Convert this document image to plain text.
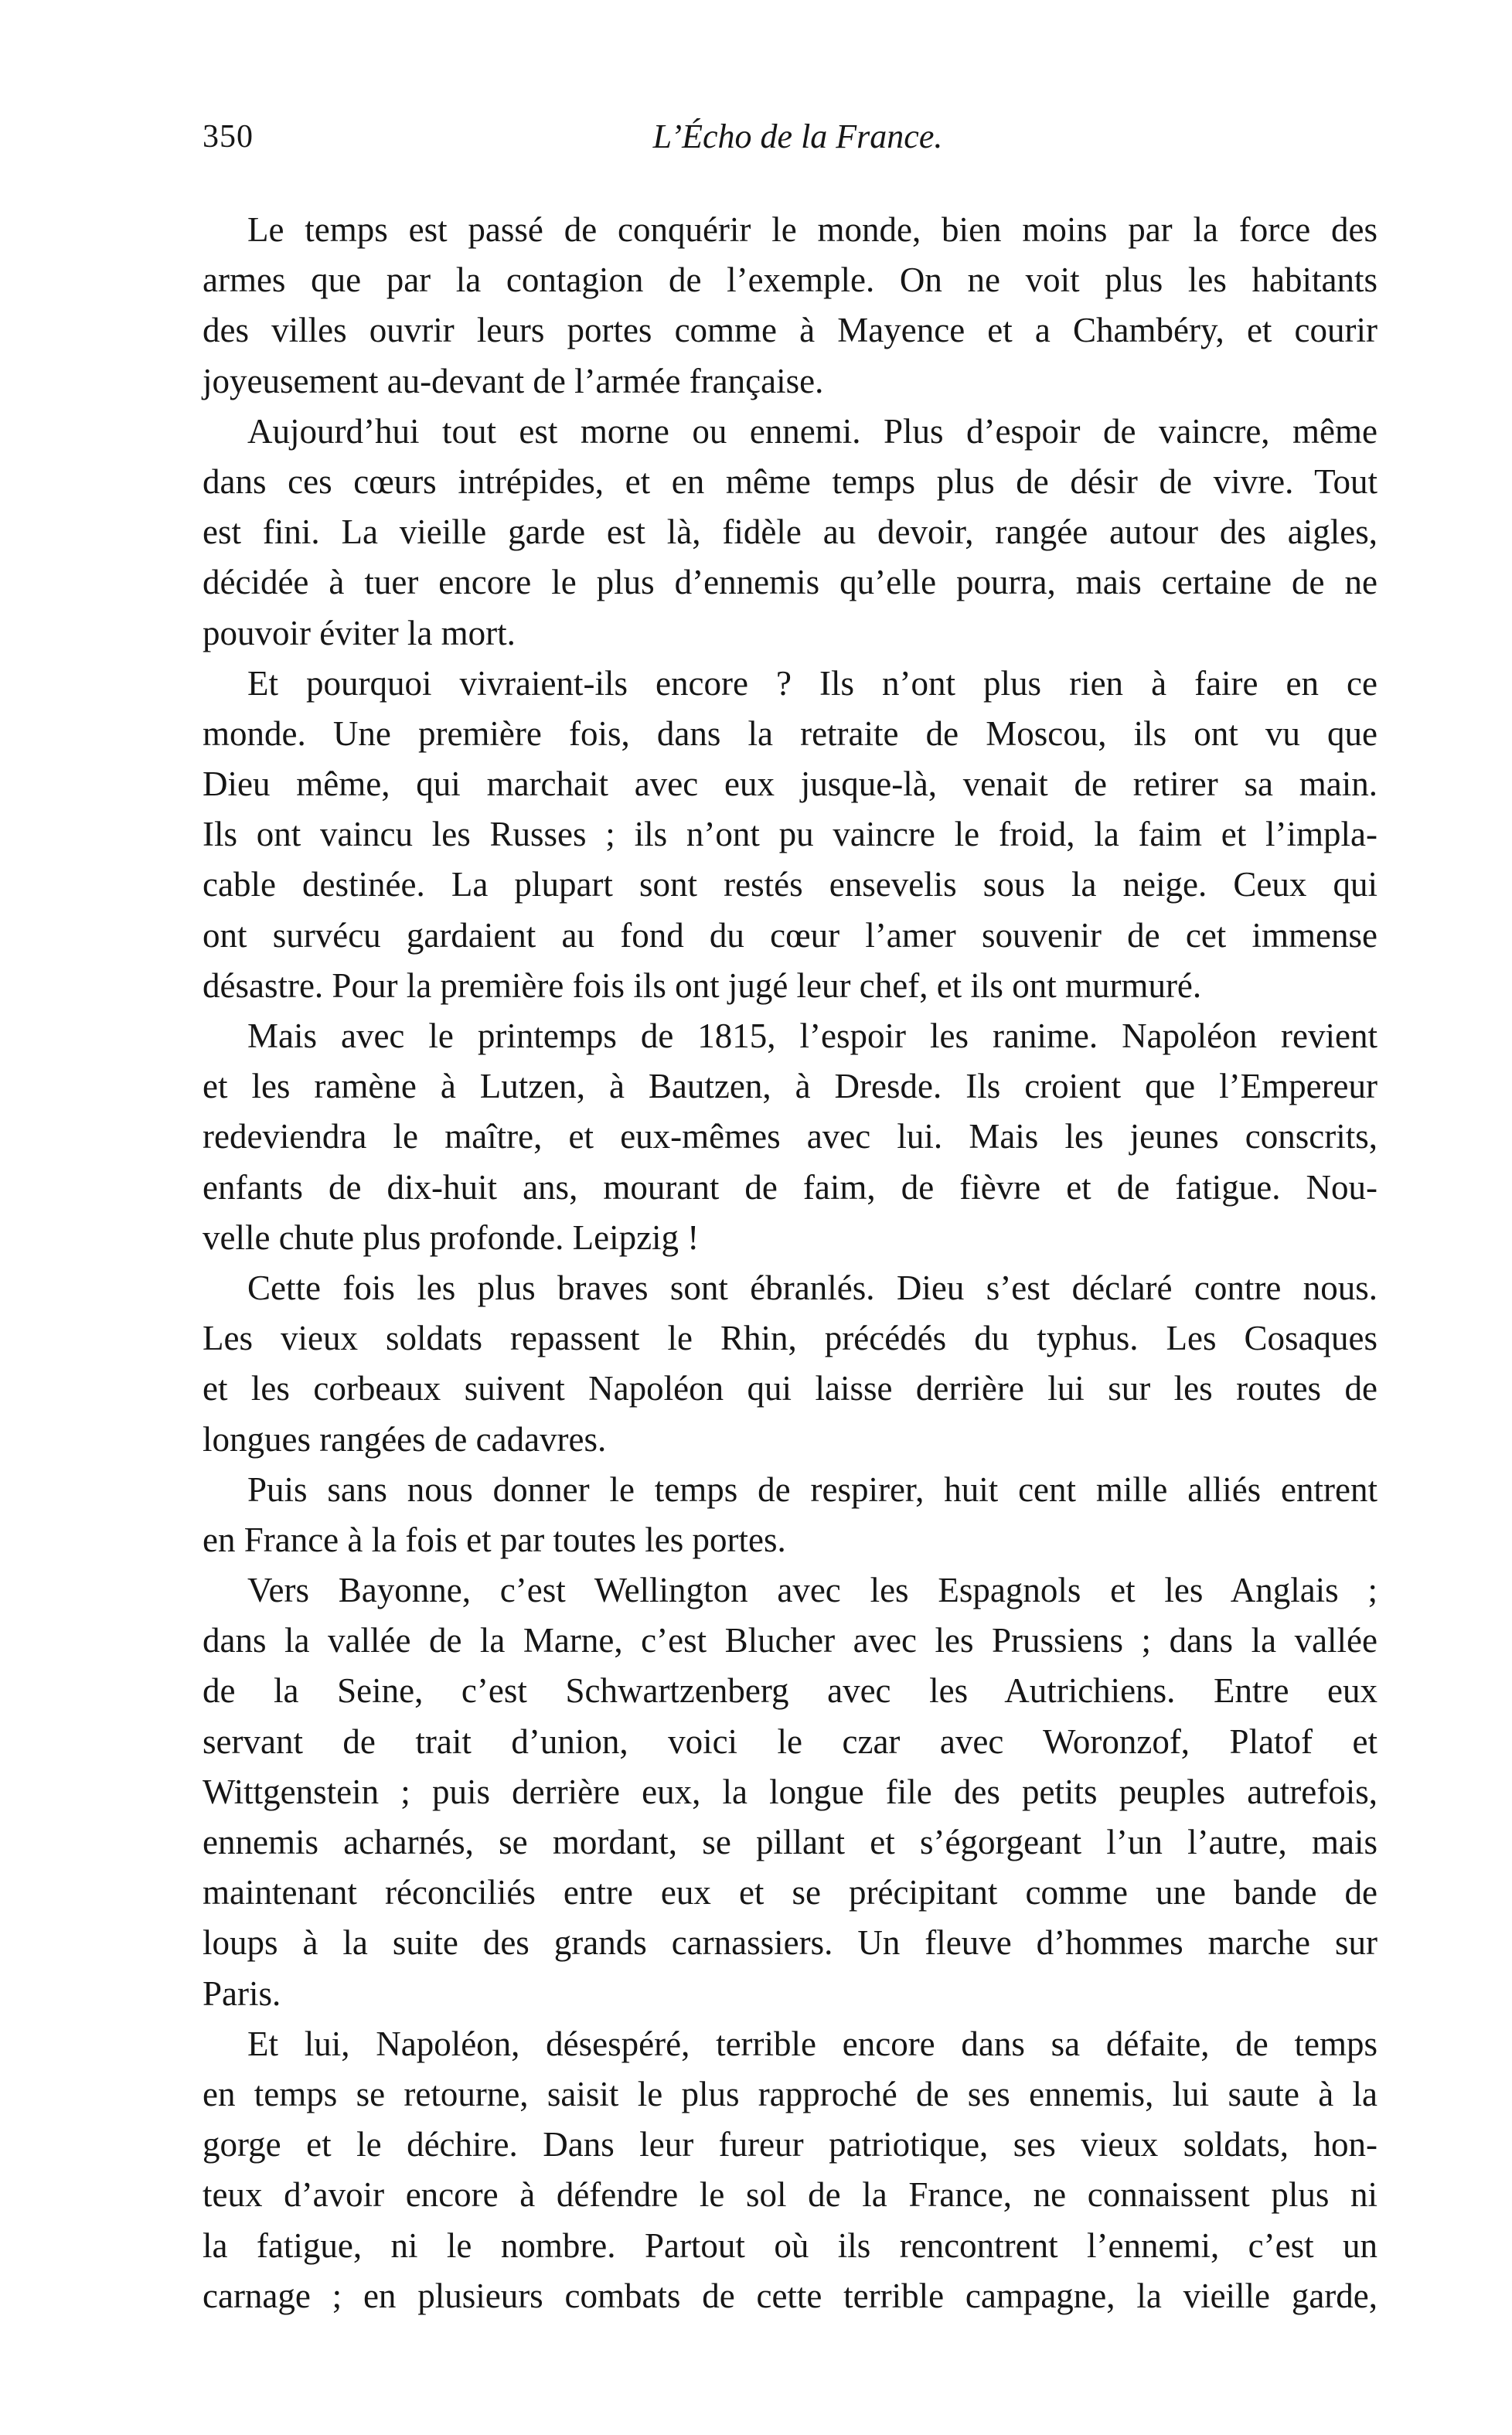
350	L’Écho de la France.
Le temps est passé de conquérir le monde, bien moins par la force des
armes que par la contagion de l’exemple. On ne voit plus les habitants
des villes ouvrir leurs portes comme à Mayence et a Chambéry, et courir
joyeusement au-devant de l’armée française.
Aujourd’hui tout est morne ou ennemi. Plus d’espoir de vaincre, même
dans ces cœurs intrépides, et en même temps plus de désir de vivre. Tout
est fini. La vieille garde est là, fidèle au devoir, rangée autour des aigles,
décidée à tuer encore le plus d’ennemis qu’elle pourra, mais certaine de ne
pouvoir éviter la mort.
Et pourquoi vivraient-ils encore ? Ils n’ont plus rien à faire en ce
monde. Une première fois, dans la retraite de Moscou, ils ont vu que
Dieu même, qui marchait avec eux jusque-là, venait de retirer sa main.
Ils ont vaincu les Russes ; ils n’ont pu vaincre le froid, la faim et l’impla-
cable destinée. La plupart sont restés ensevelis sous la neige. Ceux qui
ont survécu gardaient au fond du cœur l’amer souvenir de cet immense
désastre. Pour la première fois ils ont jugé leur chef, et ils ont murmuré.
Mais avec le printemps de 1815, l’espoir les ranime. Napoléon revient
et les ramène à Lutzen, à Bautzen, à Dresde. Ils croient que l’Empereur
redeviendra le maître, et eux-mêmes avec lui. Mais les jeunes conscrits,
enfants de dix-huit ans, mourant de faim, de fièvre et de fatigue. Nou-
velle chute plus profonde. Leipzig !
Cette fois les plus braves sont ébranlés. Dieu s’est déclaré contre nous.
Les vieux soldats repassent le Rhin, précédés du typhus. Les Cosaques
et les corbeaux suivent Napoléon qui laisse derrière lui sur les routes de
longues rangées de cadavres.
Puis sans nous donner le temps de respirer, huit cent mille alliés entrent
en France à la fois et par toutes les portes.
Vers Bayonne, c’est Wellington avec les Espagnols et les Anglais ;
dans la vallée de la Marne, c’est Blucher avec les Prussiens ; dans la vallée
de la Seine, c’est Schwartzenberg avec les Autrichiens. Entre eux
servant de trait d’union, voici le czar avec Woronzof, Platof et
Wittgenstein ; puis derrière eux, la longue file des petits peuples autrefois,
ennemis acharnés, se mordant, se pillant et s’égorgeant l’un l’autre, mais
maintenant réconciliés entre eux et se précipitant comme une bande de
loups à la suite des grands carnassiers. Un fleuve d’hommes marche sur
Paris.
Et lui, Napoléon, désespéré, terrible encore dans sa défaite, de temps
en temps se retourne, saisit le plus rapproché de ses ennemis, lui saute à la
gorge et le déchire. Dans leur fureur patriotique, ses vieux soldats, hon-
teux d’avoir encore à défendre le sol de la France, ne connaissent plus ni
la fatigue, ni le nombre. Partout où ils rencontrent l’ennemi, c’est un
carnage ; en plusieurs combats de cette terrible campagne, la vieille garde,
